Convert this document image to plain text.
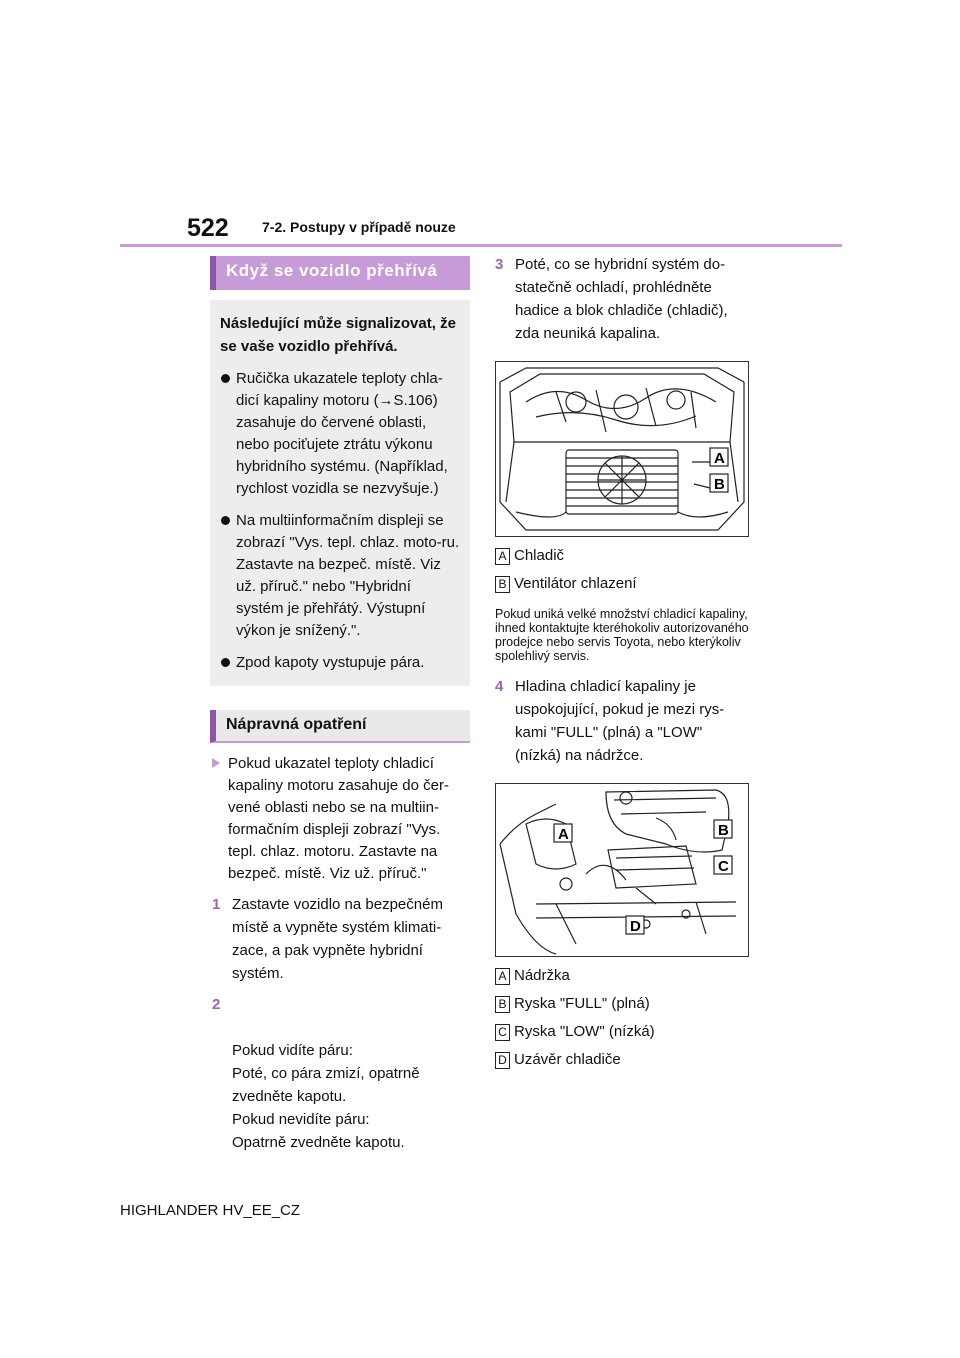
522 7-2. Postupy v případě nouze
Když se vozidlo přehřívá
Následující může signalizovat, že se vaše vozidlo přehřívá.
Ručička ukazatele teploty chla-dicí kapaliny motoru (→S.106) zasahuje do červené oblasti, nebo pociťujete ztrátu výkonu hybridního systému. (Například, rychlost vozidla se nezvyšuje.)
Na multiinformačním displeji se zobrazí "Vys. tepl. chlaz. moto-ru. Zastavte na bezpeč. místě. Viz už. příruč." nebo "Hybridní systém je přehřátý. Výstupní výkon je snížený.".
Zpod kapoty vystupuje pára.
Nápravná opatření
Pokud ukazatel teploty chladicí kapaliny motoru zasahuje do čer-vené oblasti nebo se na multiin-formačním displeji zobrazí "Vys. tepl. chlaz. motoru. Zastavte na bezpeč. místě. Viz už. příruč."
1 Zastavte vozidlo na bezpečném místě a vypněte systém klimati-zace, a pak vypněte hybridní systém.

2

Pokud vidíte páru:
Poté, co pára zmizí, opatrně zvedněte kapotu.
Pokud nevidíte páru:
Opatrně zvedněte kapotu.

3 Poté, co se hybridní systém do-statečně ochladí, prohlédněte hadice a blok chladiče (chladič), zda neuniká kapalina.
A
B
A Chladič
B Ventilátor chlazení
Pokud uniká velké množství chladicí kapaliny, ihned kontaktujte kteréhokoliv autorizovaného prodejce nebo servis Toyota, nebo kterýkoliv spolehlivý servis.
4 Hladina chladicí kapaliny je uspokojující, pokud je mezi rys-kami "FULL" (plná) a "LOW" (nízká) na nádržce.
A	B
C
D
A Nádržka
B Ryska "FULL" (plná)
C Ryska "LOW" (nízká)
D Uzávěr chladiče
HIGHLANDER HV_EE_CZ
